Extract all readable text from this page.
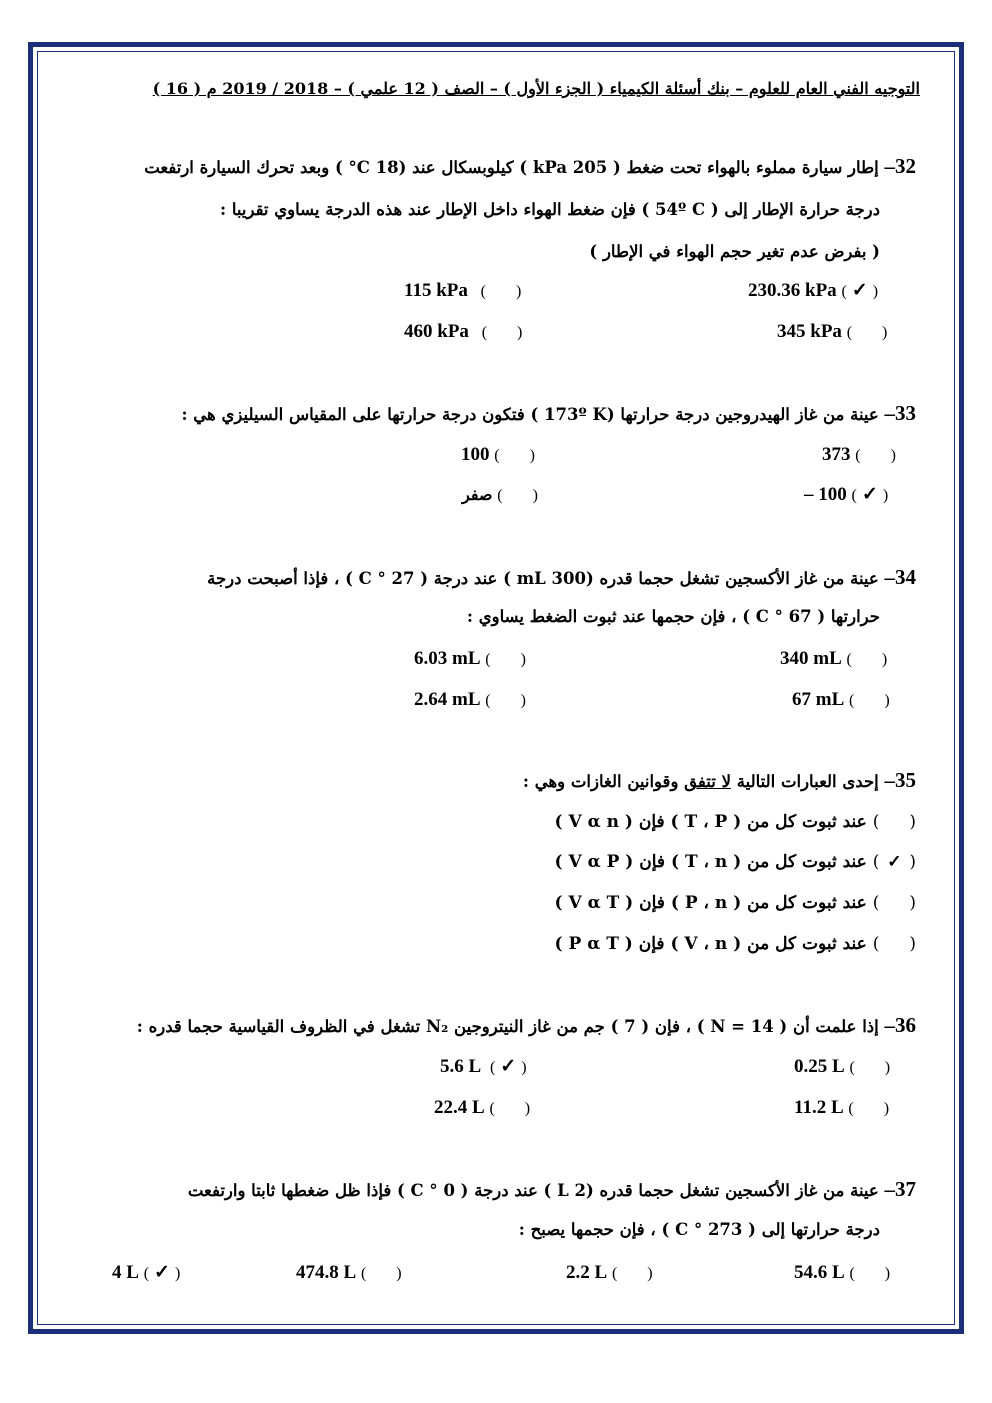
التوجيه الفني العام للعلوم – بنك أسئلة الكيمياء ( الجزء الأول ) – الصف ( 12 علمي ) – 2018 / 2019 م ( 16 )
32– إطار سيارة مملوء بالهواء تحت ضغط ( 205 kPa ) كيلوبسكال عند (18 C° ) وبعد تحرك السيارة ارتفعت
درجة حرارة الإطار إلى ( 54º C ) فإن ضغط الهواء داخل الإطار عند هذه الدرجة يساوي تقريبا :
( بفرض عدم تغير حجم الهواء في الإطار )
230.36 kPa ( ✓ )
115 kPa   ( )
345 kPa ( )
460 kPa   ( )
33– عينة من غاز الهيدروجين درجة حرارتها (173º K ) فتكون درجة حرارتها على المقياس السيليزي هي :
373 ( )
100 ( )
– 100 ( ✓ )
صفر ( )
34– عينة من غاز الأكسجين تشغل حجما قدره (300 mL ) عند درجة ( 27 ° C ) ، فإذا أصبحت درجة
حرارتها ( 67 ° C ) ، فإن حجمها عند ثبوت الضغط يساوي :
340 mL ( )
6.03 mL ( )
67 mL ( )
2.64 mL ( )
35– إحدى العبارات التالية لا تتفق وقوانين الغازات وهي :
() عند ثبوت كل من ( T ، P ) فإن ( V α n )
(✓) عند ثبوت كل من ( T ، n ) فإن ( V α P )
() عند ثبوت كل من ( P ، n ) فإن ( V α T )
() عند ثبوت كل من ( V ، n ) فإن ( P α T )
36– إذا علمت أن ( N = 14 ) ، فإن ( 7 ) جم من غاز النيتروجين N₂ تشغل في الظروف القياسية حجما قدره :
0.25 L ( )
5.6 L  ( ✓ )
11.2 L ( )
22.4 L ( )
37– عينة من غاز الأكسجين تشغل حجما قدره (2 L ) عند درجة ( 0 ° C ) فإذا ظل ضغطها ثابتا وارتفعت
درجة حرارتها إلى ( 273 ° C ) ، فإن حجمها يصبح :
54.6 L ( )
2.2 L ( )
474.8 L ( )
4 L ( ✓ )
